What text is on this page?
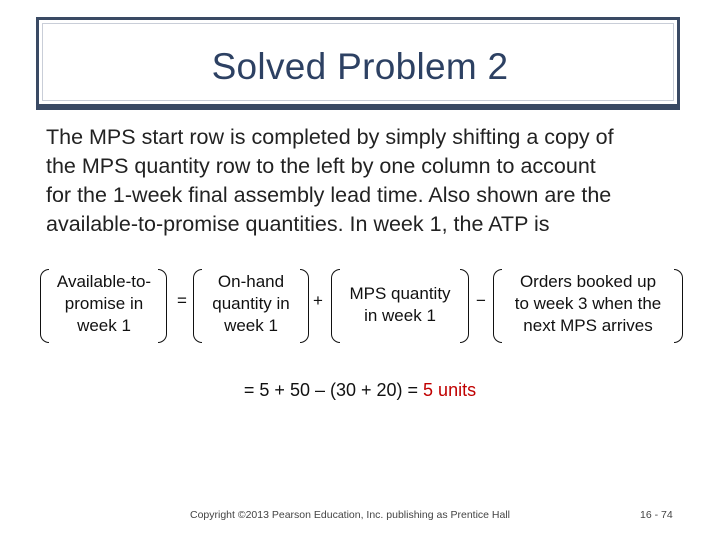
Solved Problem 2
The MPS start row is completed by simply shifting a copy of
the MPS quantity row to the left by one column to account
for the 1-week final assembly lead time. Also shown are the
available-to-promise quantities. In week 1, the ATP is
Available-to-
promise in
week 1
=
On-hand
quantity in
week 1
+	MPS quantity
in week 1
−
Orders booked up
to week 3 when the
next MPS arrives
= 5 + 50 – (30 + 20) = 5 units
Copyright ©2013 Pearson Education, Inc. publishing as Prentice Hall	16 - 74
